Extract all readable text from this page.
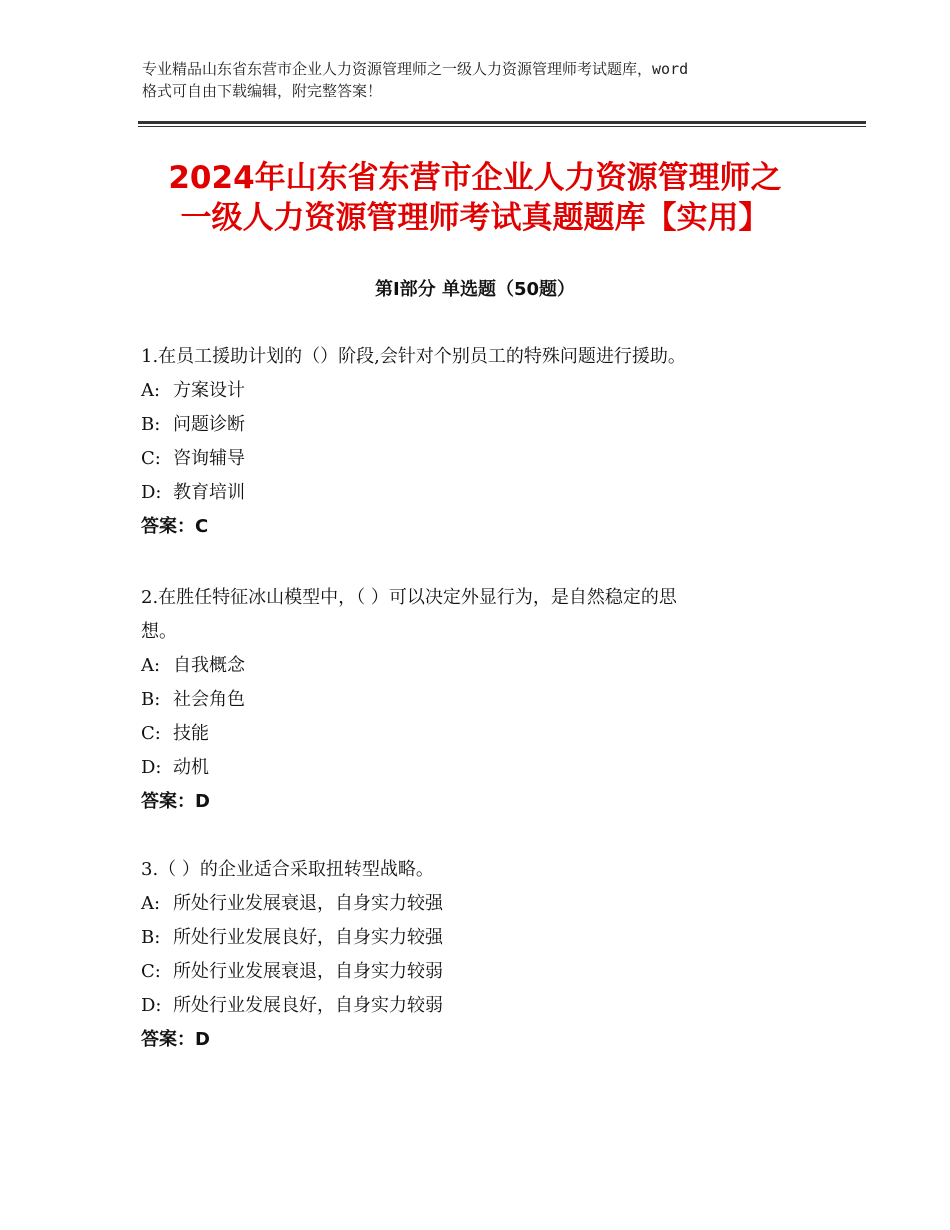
专业精品山东省东营市企业人力资源管理师之一级人力资源管理师考试题库，word
格式可自由下载编辑，附完整答案！
2024年山东省东营市企业人力资源管理师之
一级人力资源管理师考试真题题库【实用】
第Ⅰ部分 单选题（50题）
1.在员工援助计划的（）阶段,会针对个别员工的特殊问题进行援助。
A: 方案设计
B: 问题诊断
C: 咨询辅导
D: 教育培训
答案：C
2.在胜任特征冰山模型中，（ ）可以决定外显行为，是自然稳定的思
想。
A: 自我概念
B: 社会角色
C: 技能
D: 动机
答案：D
3.（ ）的企业适合采取扭转型战略。
A: 所处行业发展衰退，自身实力较强
B: 所处行业发展良好，自身实力较强
C: 所处行业发展衰退，自身实力较弱
D: 所处行业发展良好，自身实力较弱
答案：D
